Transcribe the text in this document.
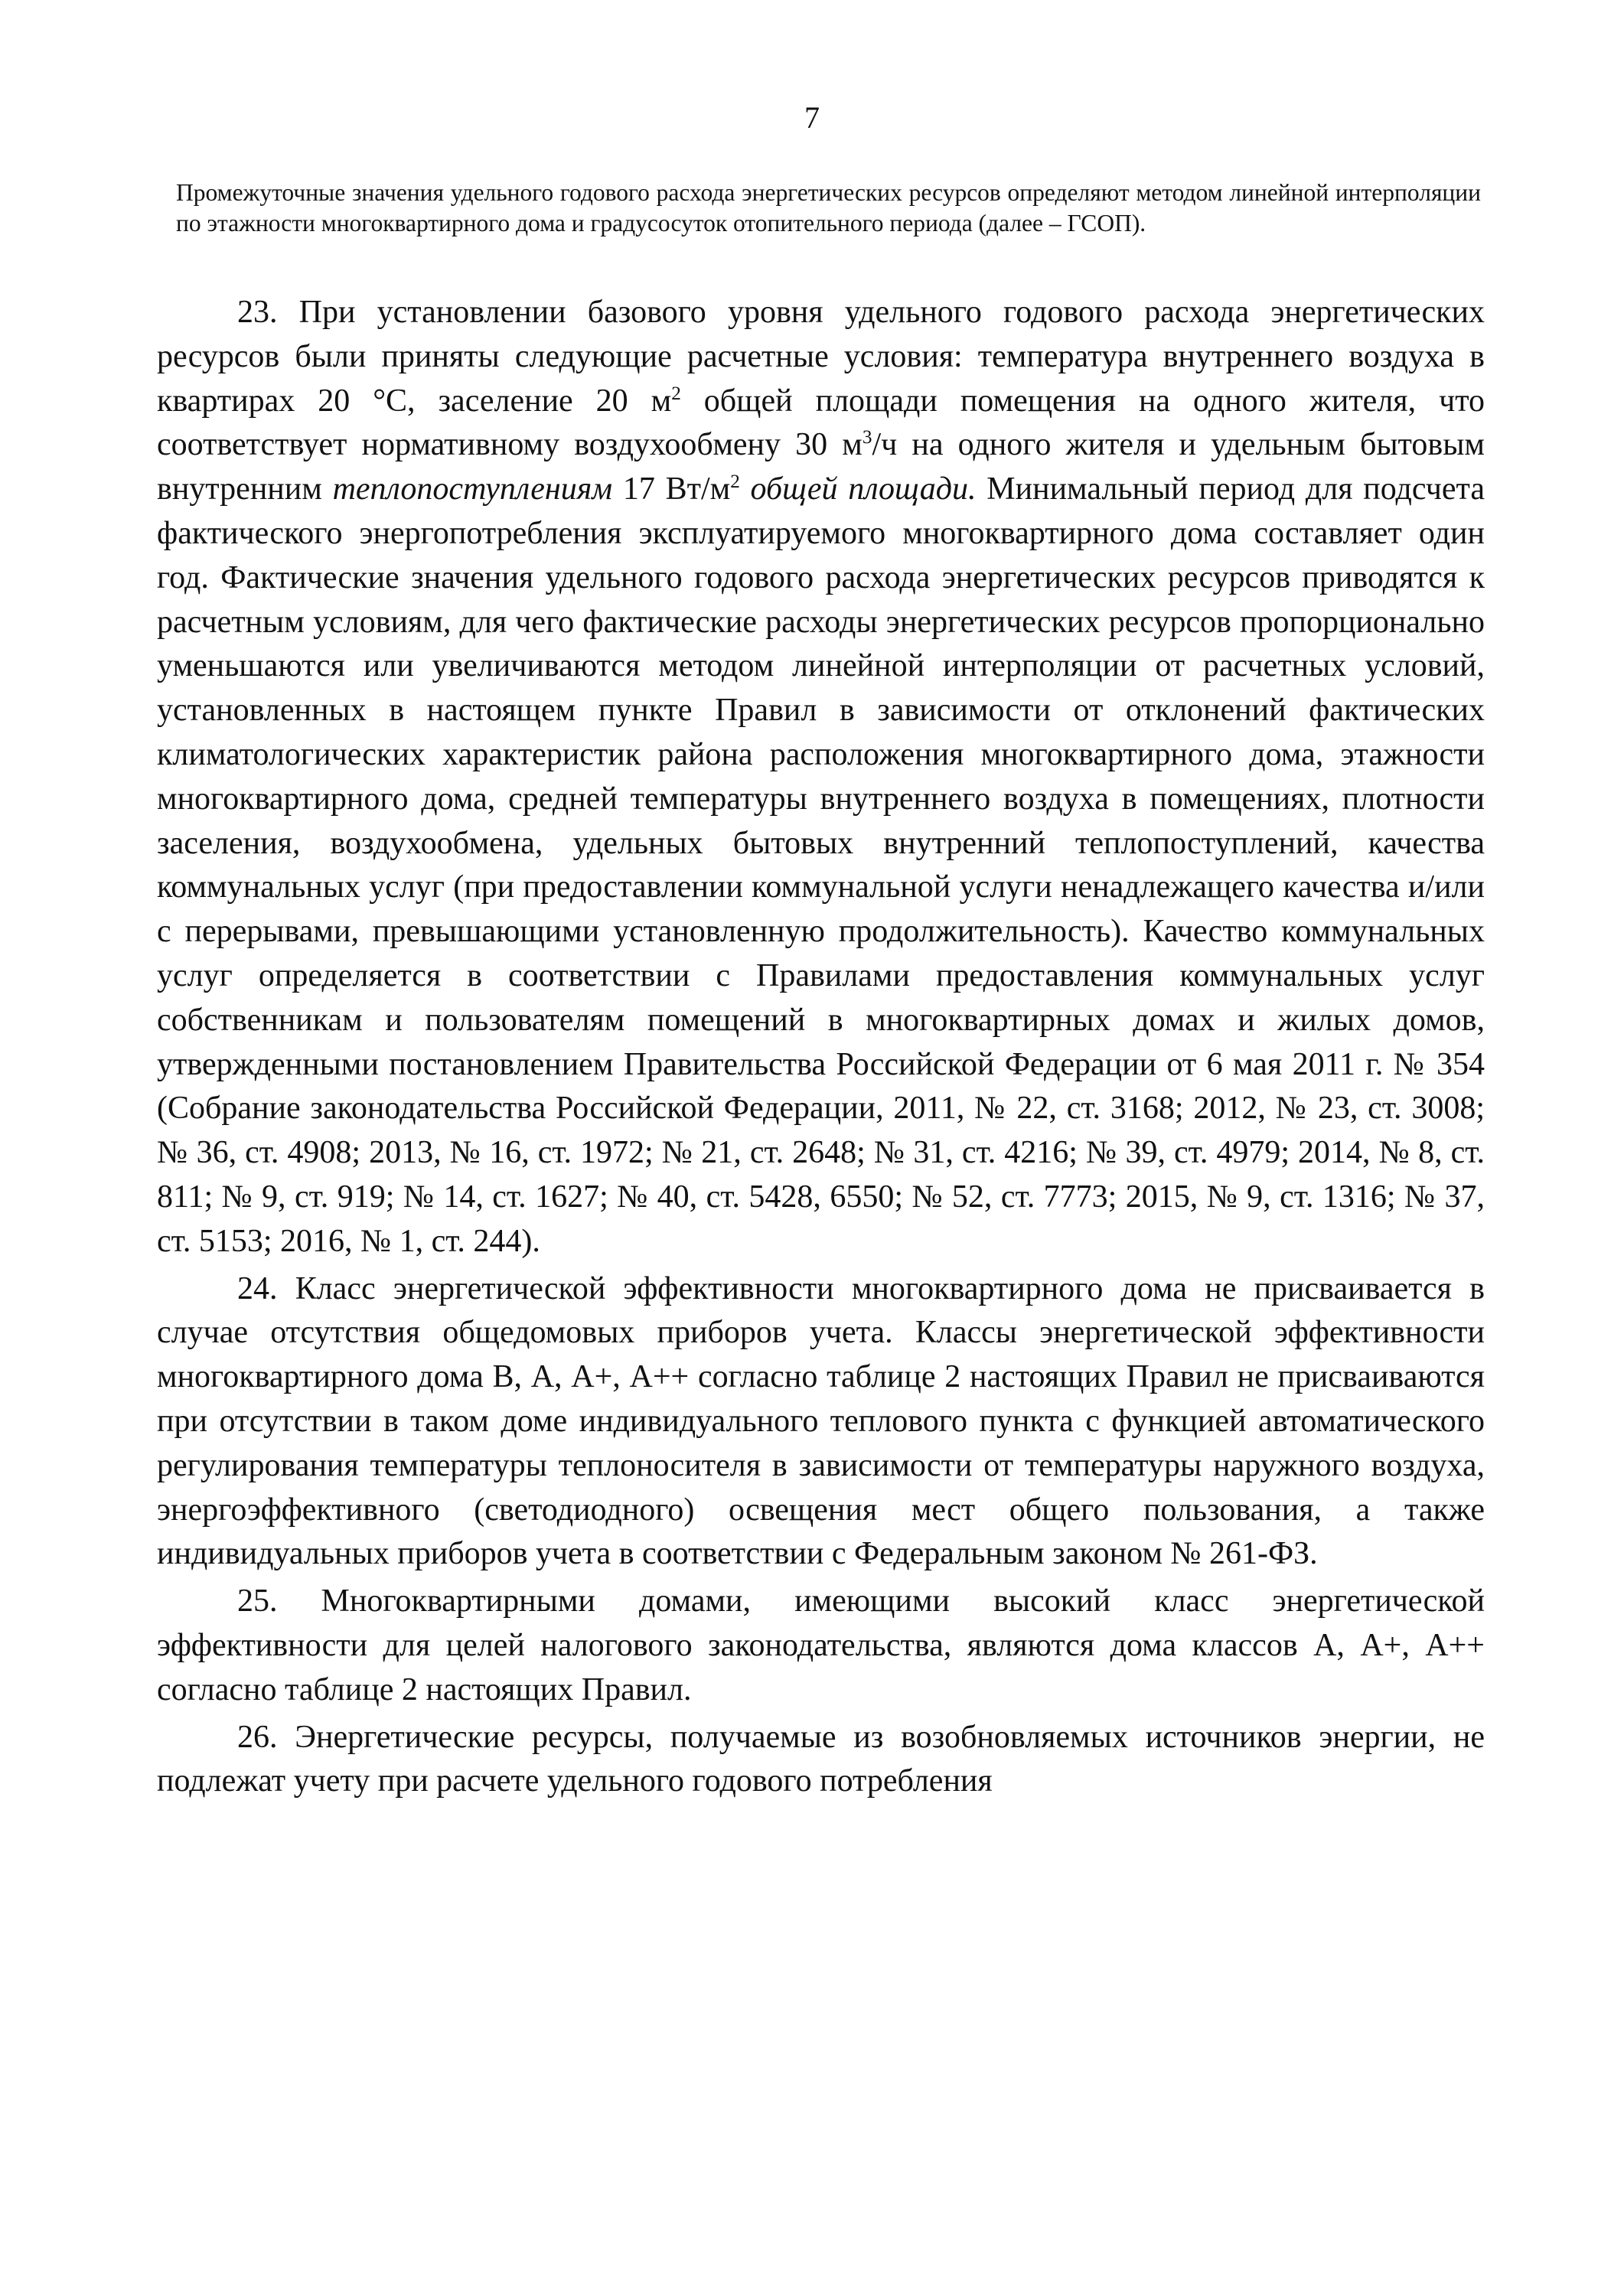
7

Промежуточные значения удельного годового расхода энергетических ресурсов определяют методом линейной интерполяции по этажности многоквартирного дома и градусосуток отопительного периода (далее – ГСОП).

23. При установлении базового уровня удельного годового расхода энергетических ресурсов были приняты следующие расчетные условия: температура внутреннего воздуха в квартирах 20 °С, заселение 20 $м^2$ общей площади помещения на одного жителя, что соответствует нормативному воздухообмену 30 $м^3/ч$ на одного жителя и удельным бытовым внутренним теплопоступлениям 17 $Вт/м^2$ общей площади. Минимальный период для подсчета фактического энергопотребления эксплуатируемого многоквартирного дома составляет один год. Фактические значения удельного годового расхода энергетических ресурсов приводятся к расчетным условиям, для чего фактические расходы энергетических ресурсов пропорционально уменьшаются или увеличиваются методом линейной интерполяции от расчетных условий, установленных в настоящем пункте Правил в зависимости от отклонений фактических климатологических характеристик района расположения многоквартирного дома, этажности многоквартирного дома, средней температуры внутреннего воздуха в помещениях, плотности заселения, воздухообмена, удельных бытовых внутренний теплопоступлений, качества коммунальных услуг (при предоставлении коммунальной услуги ненадлежащего качества и/или с перерывами, превышающими установленную продолжительность). Качество коммунальных услуг определяется в соответствии с Правилами предоставления коммунальных услуг собственникам и пользователям помещений в многоквартирных домах и жилых домов, утвержденными постановлением Правительства Российской Федерации от 6 мая 2011 г. № 354 (Собрание законодательства Российской Федерации, 2011, № 22, ст. 3168; 2012, № 23, ст. 3008; № 36, ст. 4908; 2013, № 16, ст. 1972; № 21, ст. 2648; № 31, ст. 4216; № 39, ст. 4979; 2014, № 8, ст. 811; № 9, ст. 919; № 14, ст. 1627; № 40, ст. 5428, 6550; № 52, ст. 7773; 2015, № 9, ст. 1316; № 37, ст. 5153; 2016, № 1, ст. 244).

24. Класс энергетической эффективности многоквартирного дома не присваивается в случае отсутствия общедомовых приборов учета. Классы энергетической эффективности многоквартирного дома В, А, А+, А++ согласно таблице 2 настоящих Правил не присваиваются при отсутствии в таком доме индивидуального теплового пункта с функцией автоматического регулирования температуры теплоносителя в зависимости от температуры наружного воздуха, энергоэффективного (светодиодного) освещения мест общего пользования, а также индивидуальных приборов учета в соответствии с Федеральным законом № 261-ФЗ.

25. Многоквартирными домами, имеющими высокий класс энергетической эффективности для целей налогового законодательства, являются дома классов А, А+, А++ согласно таблице 2 настоящих Правил.

26. Энергетические ресурсы, получаемые из возобновляемых источников энергии, не подлежат учету при расчете удельного годового потребления
